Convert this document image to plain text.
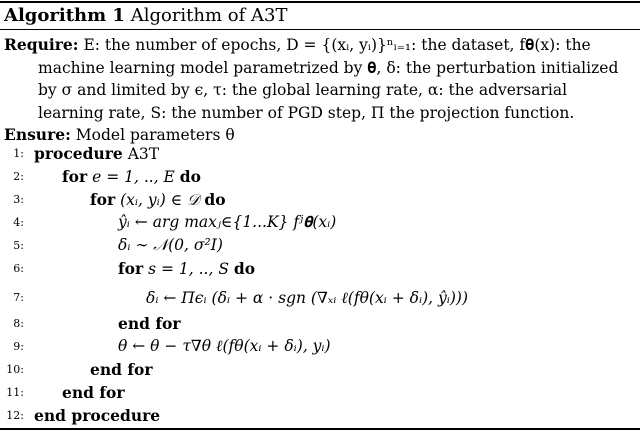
Algorithm 1 Algorithm of A3T
Require: E: the number of epochs, D = {(xᵢ, yᵢ)}ⁿᵢ₌₁: the dataset, f𝛉(x): the machine learning model parametrized by 𝛉, δ: the perturbation initialized by σ and limited by ϵ, τ: the global learning rate, α: the adversarial learning rate, S: the number of PGD step, Π the projection function.
Ensure: Model parameters θ
1: procedure A3T
2: for e = 1, .., E do
3:	for (xᵢ, yᵢ) ∈ 𝒟 do
4:	ŷᵢ ← arg maxⱼ∈{1...K} fʲ𝛉(xᵢ)
5:	δᵢ ∼ 𝒩(0, σ²I)
6:	for s = 1, .., S do
7:	δᵢ ← Πϵᵢ (δᵢ + α · sgn (∇ₓᵢ ℓ(fθ(xᵢ + δᵢ), ŷᵢ)))
8:	end for
9:	θ ← θ − τ∇θ ℓ(fθ(xᵢ + δᵢ), yᵢ)
10:	end for
11: end for
12: end procedure
